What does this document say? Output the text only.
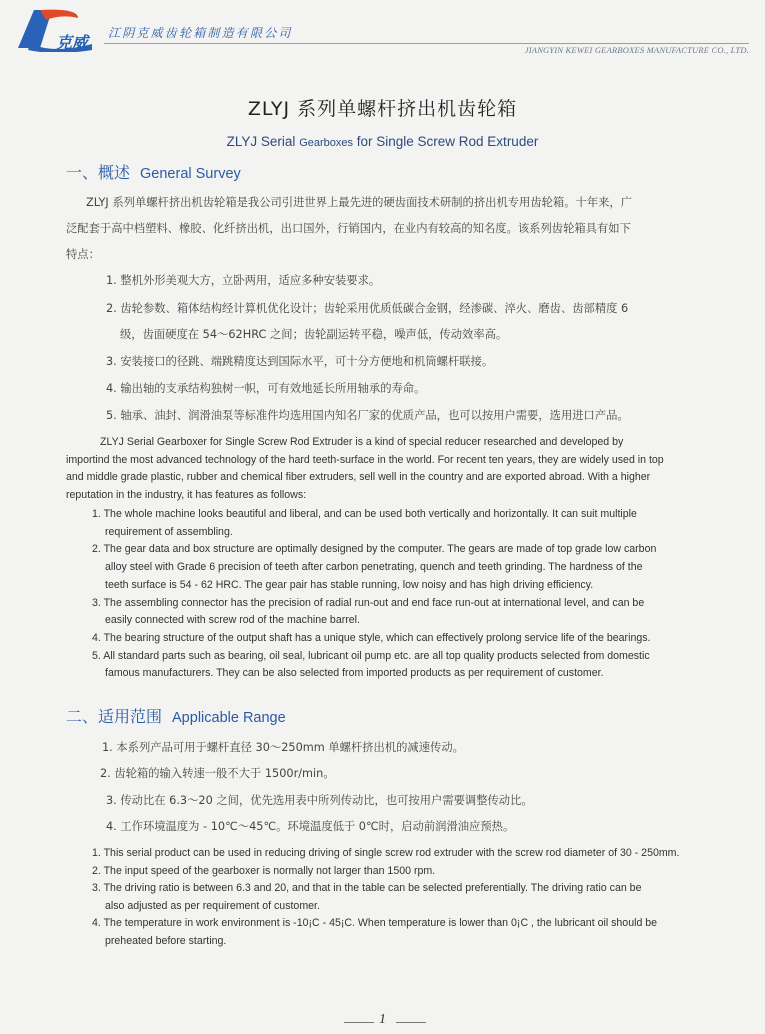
克威 江阴克威齿轮箱制造有限公司
JIANGYIN KEWEI GEARBOXES MANUFACTURE CO., LTD.
ZLYJ 系列单螺杆挤出机齿轮箱
ZLYJ Serial Gearboxes for Single Screw Rod Extruder
一、概述 General Survey
ZLYJ 系列单螺杆挤出机齿轮箱是我公司引进世界上最先进的硬齿面技术研制的挤出机专用齿轮箱。十年来，广
泛配套于高中档塑料、橡胶、化纤挤出机，出口国外，行销国内，在业内有较高的知名度。该系列齿轮箱具有如下
特点：
1. 整机外形美观大方，立卧两用，适应多种安装要求。
2. 齿轮参数、箱体结构经计算机优化设计；齿轮采用优质低碳合金钢，经渗碳、淬火、磨齿、齿部精度 6
级，齿面硬度在 54～62HRC 之间；齿轮副运转平稳，噪声低，传动效率高。
3. 安装接口的径跳、端跳精度达到国际水平，可十分方便地和机筒螺杆联接。
4. 输出轴的支承结构独树一帜，可有效地延长所用轴承的寿命。
5. 轴承、油封、润滑油泵等标准件均选用国内知名厂家的优质产品，也可以按用户需要，选用进口产品。
ZLYJ Serial Gearboxer for Single Screw Rod Extruder is a kind of special reducer researched and developed by
importind the most advanced technology of the hard teeth-surface in the world. For recent ten years, they are widely used in top
and middle grade plastic, rubber and chemical fiber extruders, sell well in the country and are exported abroad. With a higher
reputation in the industry, it has features as follows:
1. The whole machine looks beautiful and liberal, and can be used both vertically and horizontally. It can suit multiple
requirement of assembling.
2. The gear data and box structure are optimally designed by the computer. The gears are made of top grade low carbon
alloy steel with Grade 6 precision of teeth after carbon penetrating, quench and teeth grinding. The hardness of the
teeth surface is 54 - 62 HRC. The gear pair has stable running, low noisy and has high driving efficiency.
3. The assembling connector has the precision of radial run-out and end face run-out at international level, and can be
easily connected with screw rod of the machine barrel.
4. The bearing structure of the output shaft has a unique style, which can effectively prolong service life of the bearings.
5. All standard parts such as bearing, oil seal, lubricant oil pump etc. are all top quality products selected from domestic
famous manufacturers. They can be also selected from imported products as per requirement of customer.
二、适用范围 Applicable Range
1. 本系列产品可用于螺杆直径 30～250mm 单螺杆挤出机的减速传动。
2. 齿轮箱的输入转速一般不大于 1500r/min。
3. 传动比在 6.3～20 之间，优先选用表中所列传动比，也可按用户需要调整传动比。
4. 工作环境温度为 - 10℃～45℃。环境温度低于 0℃时，启动前润滑油应预热。
1. This serial product can be used in reducing driving of single screw rod extruder with the screw rod diameter of 30 - 250mm.
2. The input speed of the gearboxer is normally not larger than 1500 rpm.
3. The driving ratio is between 6.3 and 20, and that in the table can be selected preferentially. The driving ratio can be
also adjusted as per requirement of customer.
4. The temperature in work environment is -10¡C - 45¡C. When temperature is lower than 0¡C , the lubricant oil should be
preheated before starting.
1
